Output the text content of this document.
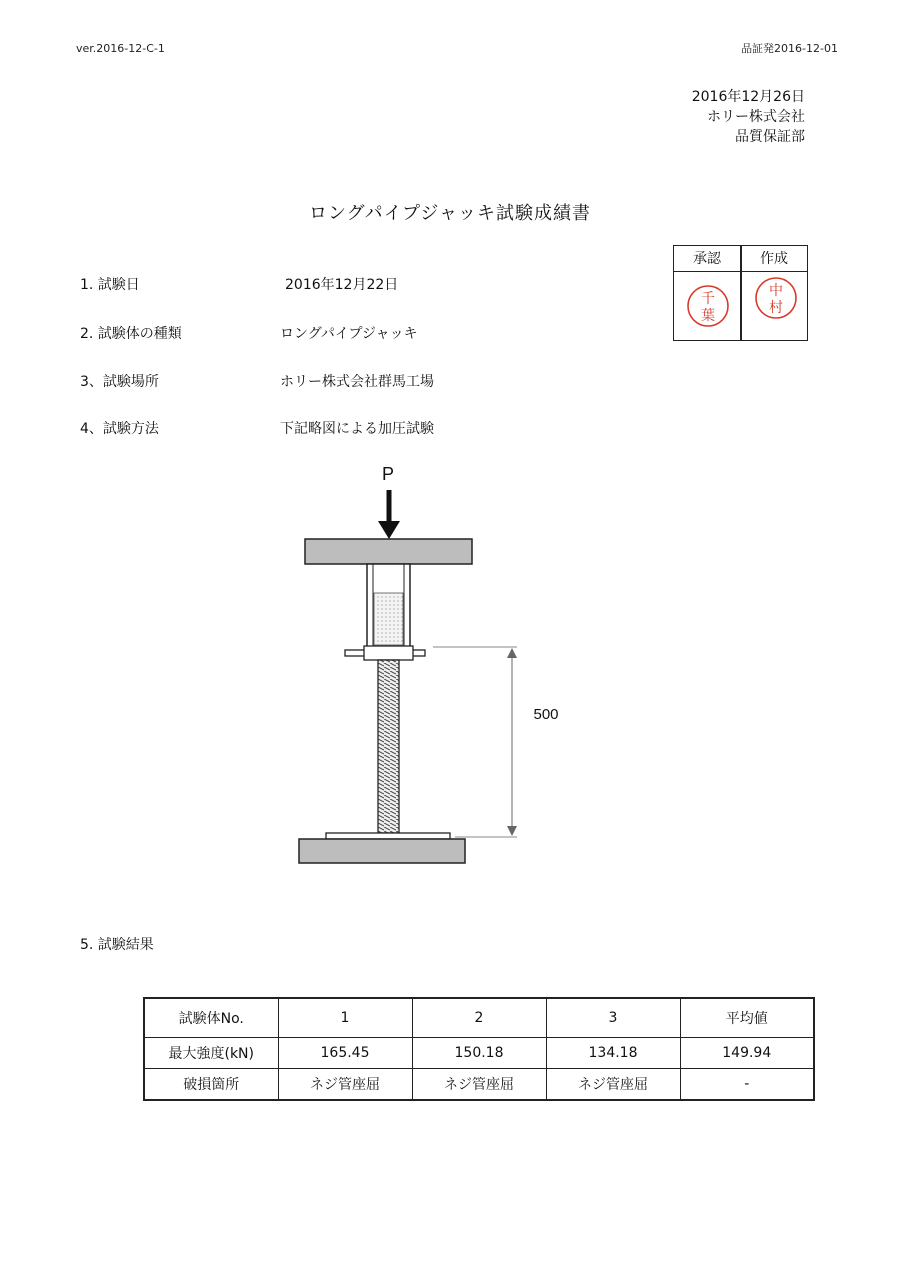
ver.2016-12-C-1	品証発2016-12-01
2016年12月26日
ホリー株式会社
品質保証部
ロングパイプジャッキ試験成績書
承認	作成
千
葉
中
村
1. 試験日	2016年12月22日
2. 試験体の種類	ロングパイプジャッキ
3、試験場所	ホリー株式会社群馬工場
4、試験方法	下記略図による加圧試験
P
500
5. 試験結果
試験体No.	1	2	3	平均値
最大強度(kN)	165.45	150.18	134.18	149.94
破損箇所	ネジ管座屈	ネジ管座屈	ネジ管座屈	-
